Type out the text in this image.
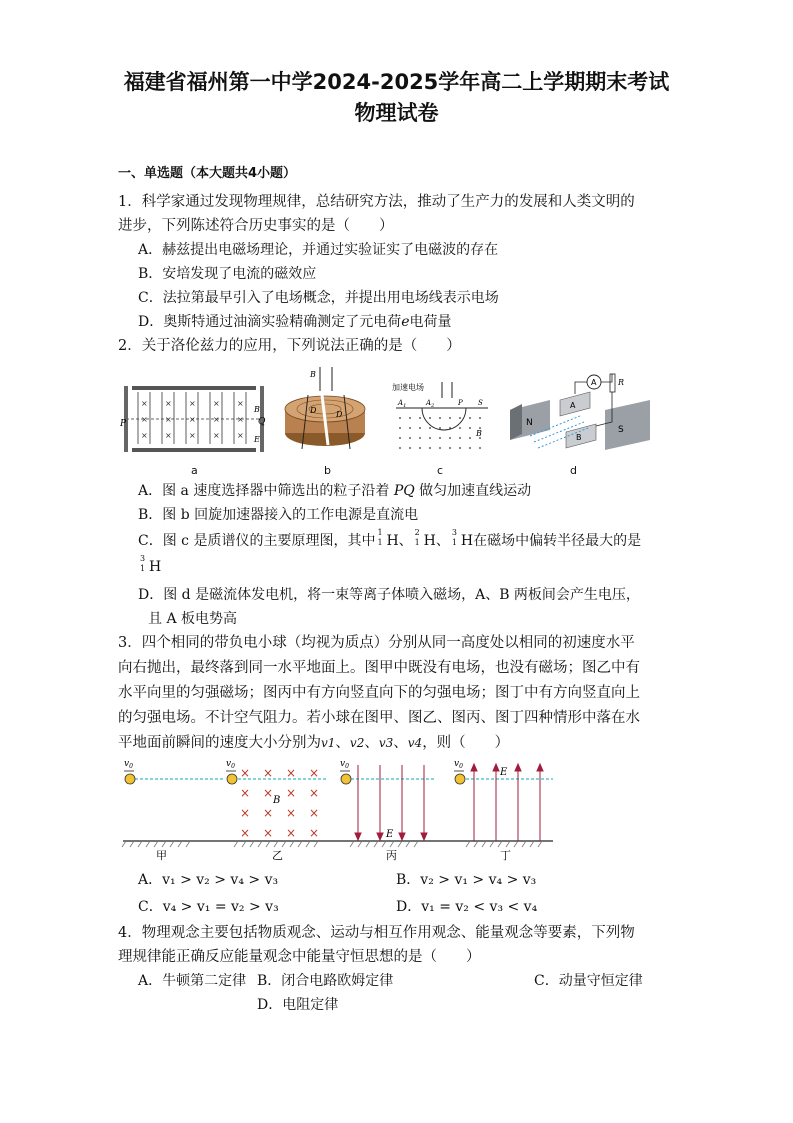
福建省福州第一中学2024-2025学年高二上学期期末考试
物理试卷
一、单选题（本大题共4小题）
1．科学家通过发现物理规律，总结研究方法，推动了生产力的发展和人类文明的
进步，下列陈述符合历史事实的是（　　）
A．赫兹提出电磁场理论，并通过实验证实了电磁波的存在
B．安培发现了电流的磁效应
C．法拉第最早引入了电场概念，并提出用电场线表示电场
D．奥斯特通过油滴实验精确测定了元电荷e电荷量
2．关于洛伦兹力的应用，下列说法正确的是（　　）
× × × × ×
× × × × ×
× × × × ×
P
B
E
Q
a
B
D D
b
加速电场
$A_1$	$A_2$	P S
B
c
N
S
A
B
A	R
d
A．图 a 速度选择器中筛选出的粒子沿着 PQ 做匀加速直线运动
B．图 b 回旋加速器接入的工作电源是直流电
C．图 c 是质谱仪的主要原理图，其中
1
1 H、
2
1 H、
3
1 H在磁场中偏转半径最大的是
3
1 H
D．图 d 是磁流体发电机，将一束等离子体喷入磁场，A、B 两板间会产生电压，
且 A 板电势高
3．四个相同的带负电小球（均视为质点）分别从同一高度处以相同的初速度水平
向右抛出，最终落到同一水平地面上。图甲中既没有电场，也没有磁场；图乙中有
水平向里的匀强磁场；图丙中有方向竖直向下的匀强电场；图丁中有方向竖直向上
的匀强电场。不计空气阻力。若小球在图甲、图乙、图丙、图丁四种情形中落在水
平地面前瞬间的速度大小分别为v1、v2、v3、v4，则（　　）
$v_0$	$v_0$	$v_0$	$v_0$
× × × ×
× × × ×
× × × ×
× × × ×
B
E
E
甲	乙	丙	丁
A．v₁ > v₂ > v₄ > v₃	B．v₂ > v₁ > v₄ > v₃
C．v₄ > v₁ = v₂ > v₃	D．v₁ = v₂ < v₃ < v₄
4．物理观念主要包括物质观念、运动与相互作用观念、能量观念等要素，下列物
理规律能正确反应能量观念中能量守恒思想的是（　　）
A．牛顿第二定律 B．闭合电路欧姆定律	C．动量守恒定律
D．电阻定律
